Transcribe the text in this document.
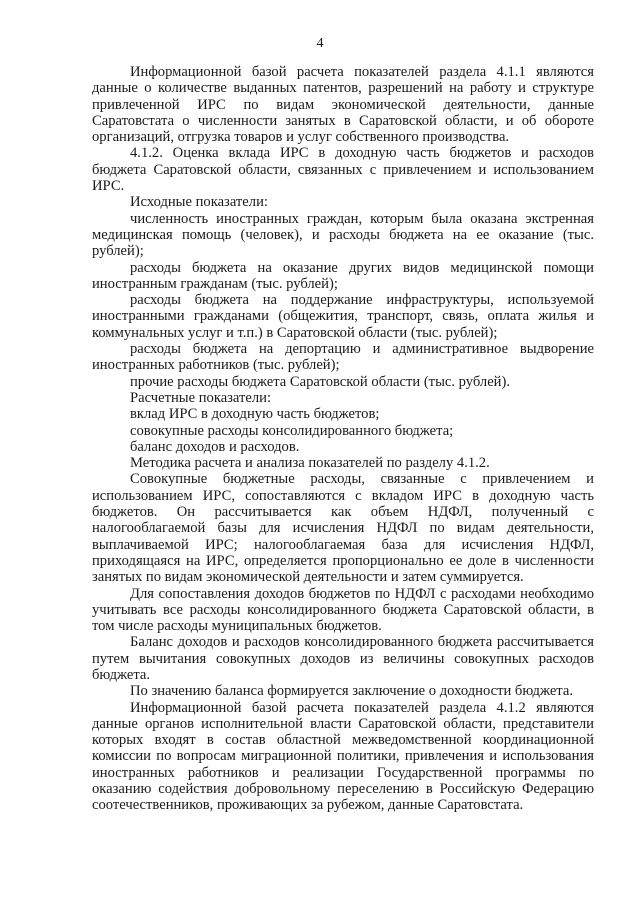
4

Информационной базой расчета показателей раздела 4.1.1 являются данные о количестве выданных патентов, разрешений на работу и структуре привлеченной ИРС по видам экономической деятельности, данные Саратовстата о численности занятых в Саратовской области, и об обороте организаций, отгрузка товаров и услуг собственного производства.

4.1.2. Оценка вклада ИРС в доходную часть бюджетов и расходов бюджета Саратовской области, связанных с привлечением и использованием ИРС.

Исходные показатели:

численность иностранных граждан, которым была оказана экстренная медицинская помощь (человек), и расходы бюджета на ее оказание (тыс. рублей);

расходы бюджета на оказание других видов медицинской помощи иностранным гражданам (тыс. рублей);

расходы бюджета на поддержание инфраструктуры, используемой иностранными гражданами (общежития, транспорт, связь, оплата жилья и коммунальных услуг и т.п.) в Саратовской области (тыс. рублей);

расходы бюджета на депортацию и административное выдворение иностранных работников (тыс. рублей);

прочие расходы бюджета Саратовской области (тыс. рублей).

Расчетные показатели:

вклад ИРС в доходную часть бюджетов;

совокупные расходы консолидированного бюджета;

баланс доходов и расходов.

Методика расчета и анализа показателей по разделу 4.1.2.

Совокупные бюджетные расходы, связанные с привлечением и использованием ИРС, сопоставляются с вкладом ИРС в доходную часть бюджетов. Он рассчитывается как объем НДФЛ, полученный с налогооблагаемой базы для исчисления НДФЛ по видам деятельности, выплачиваемой ИРС; налогооблагаемая база для исчисления НДФЛ, приходящаяся на ИРС, определяется пропорционально ее доле в численности занятых по видам экономической деятельности и затем суммируется.

Для сопоставления доходов бюджетов по НДФЛ с расходами необходимо учитывать все расходы консолидированного бюджета Саратовской области, в том числе расходы муниципальных бюджетов.

Баланс доходов и расходов консолидированного бюджета рассчитывается путем вычитания совокупных доходов из величины совокупных расходов бюджета.

По значению баланса формируется заключение о доходности бюджета.

Информационной базой расчета показателей раздела 4.1.2 являются данные органов исполнительной власти Саратовской области, представители которых входят в состав областной межведомственной координационной комиссии по вопросам миграционной политики, привлечения и использования иностранных работников и реализации Государственной программы по оказанию содействия добровольному переселению в Российскую Федерацию соотечественников, проживающих за рубежом, данные Саратовстата.
